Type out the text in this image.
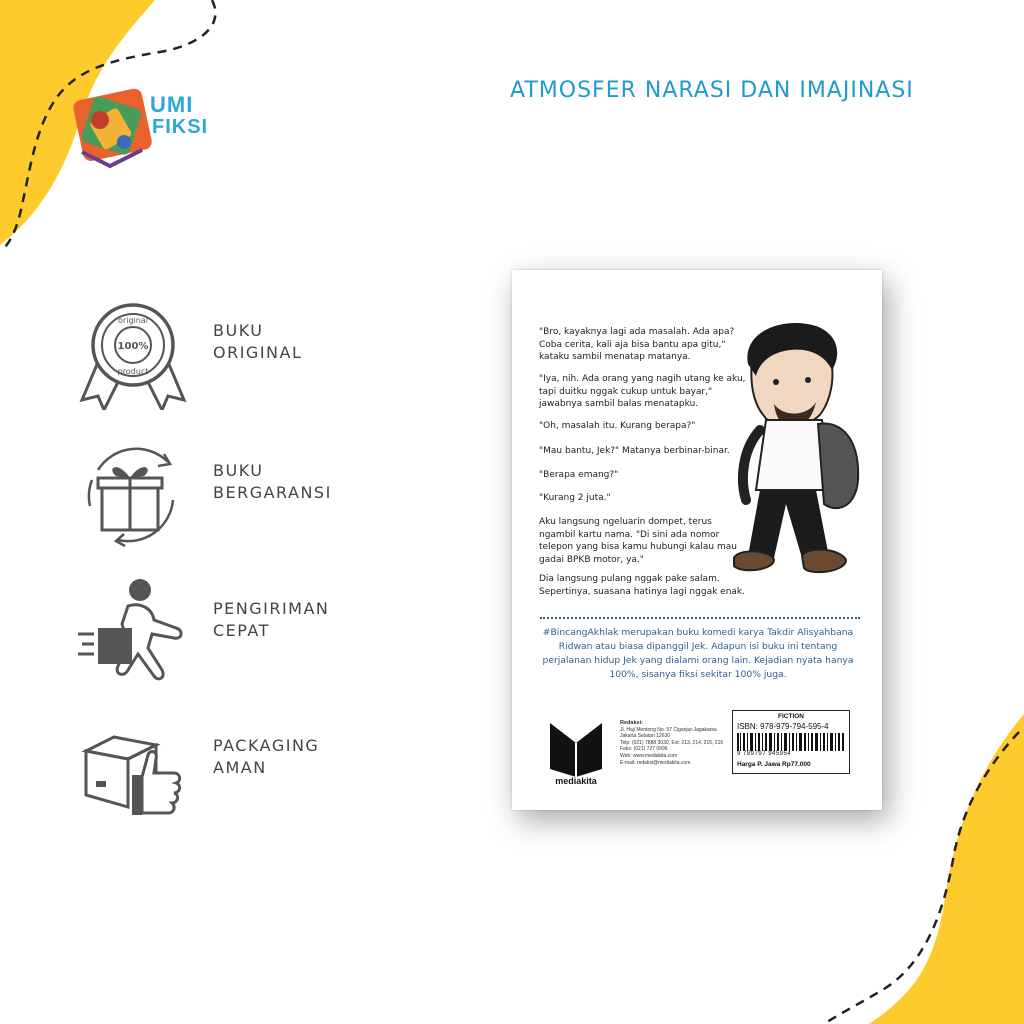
UMI
FIKSI
ATMOSFER NARASI DAN IMAJINASI
original
100%
product
BUKU
ORIGINAL
BUKU
BERGARANSI
PENGIRIMAN
CEPAT
PACKAGING
AMAN
"Bro, kayaknya lagi ada masalah. Ada apa? Coba cerita, kali aja bisa bantu apa gitu," kataku sambil menatap matanya.
"Iya, nih. Ada orang yang nagih utang ke aku, tapi duitku nggak cukup untuk bayar," jawabnya sambil balas menatapku.
"Oh, masalah itu. Kurang berapa?"
"Mau bantu, Jek?" Matanya berbinar-binar.
"Berapa emang?"
"Kurang 2 juta."
Aku langsung ngeluarin dompet, terus ngambil kartu nama. "Di sini ada nomor telepon yang bisa kamu hubungi kalau mau gadai BPKB motor, ya."
Dia langsung pulang nggak pake salam. Sepertinya, suasana hatinya lagi nggak enak.
#BincangAkhlak merupakan buku komedi karya Takdir Alisyahbana Ridwan atau biasa dipanggil Jek. Adapun isi buku ini tentang perjalanan hidup Jek yang dialami orang lain. Kejadian nyata hanya 100%, sisanya fiksi sekitar 100% juga.
mediakita
Redaksi:
Jl. Haji Montong No. 57 Ciganjur-Jagakarsa
Jakarta Selatan 12630
Telp: (021) 7888 3030, Ext: 213, 214, 215, 216
Faks: (021) 727 0996
Web: www.mediakita.com
E-mail: redaksi@mediakita.com
FICTION
ISBN: 978-979-794-595-4
9 789797 945954
Harga P. Jawa Rp77.000
